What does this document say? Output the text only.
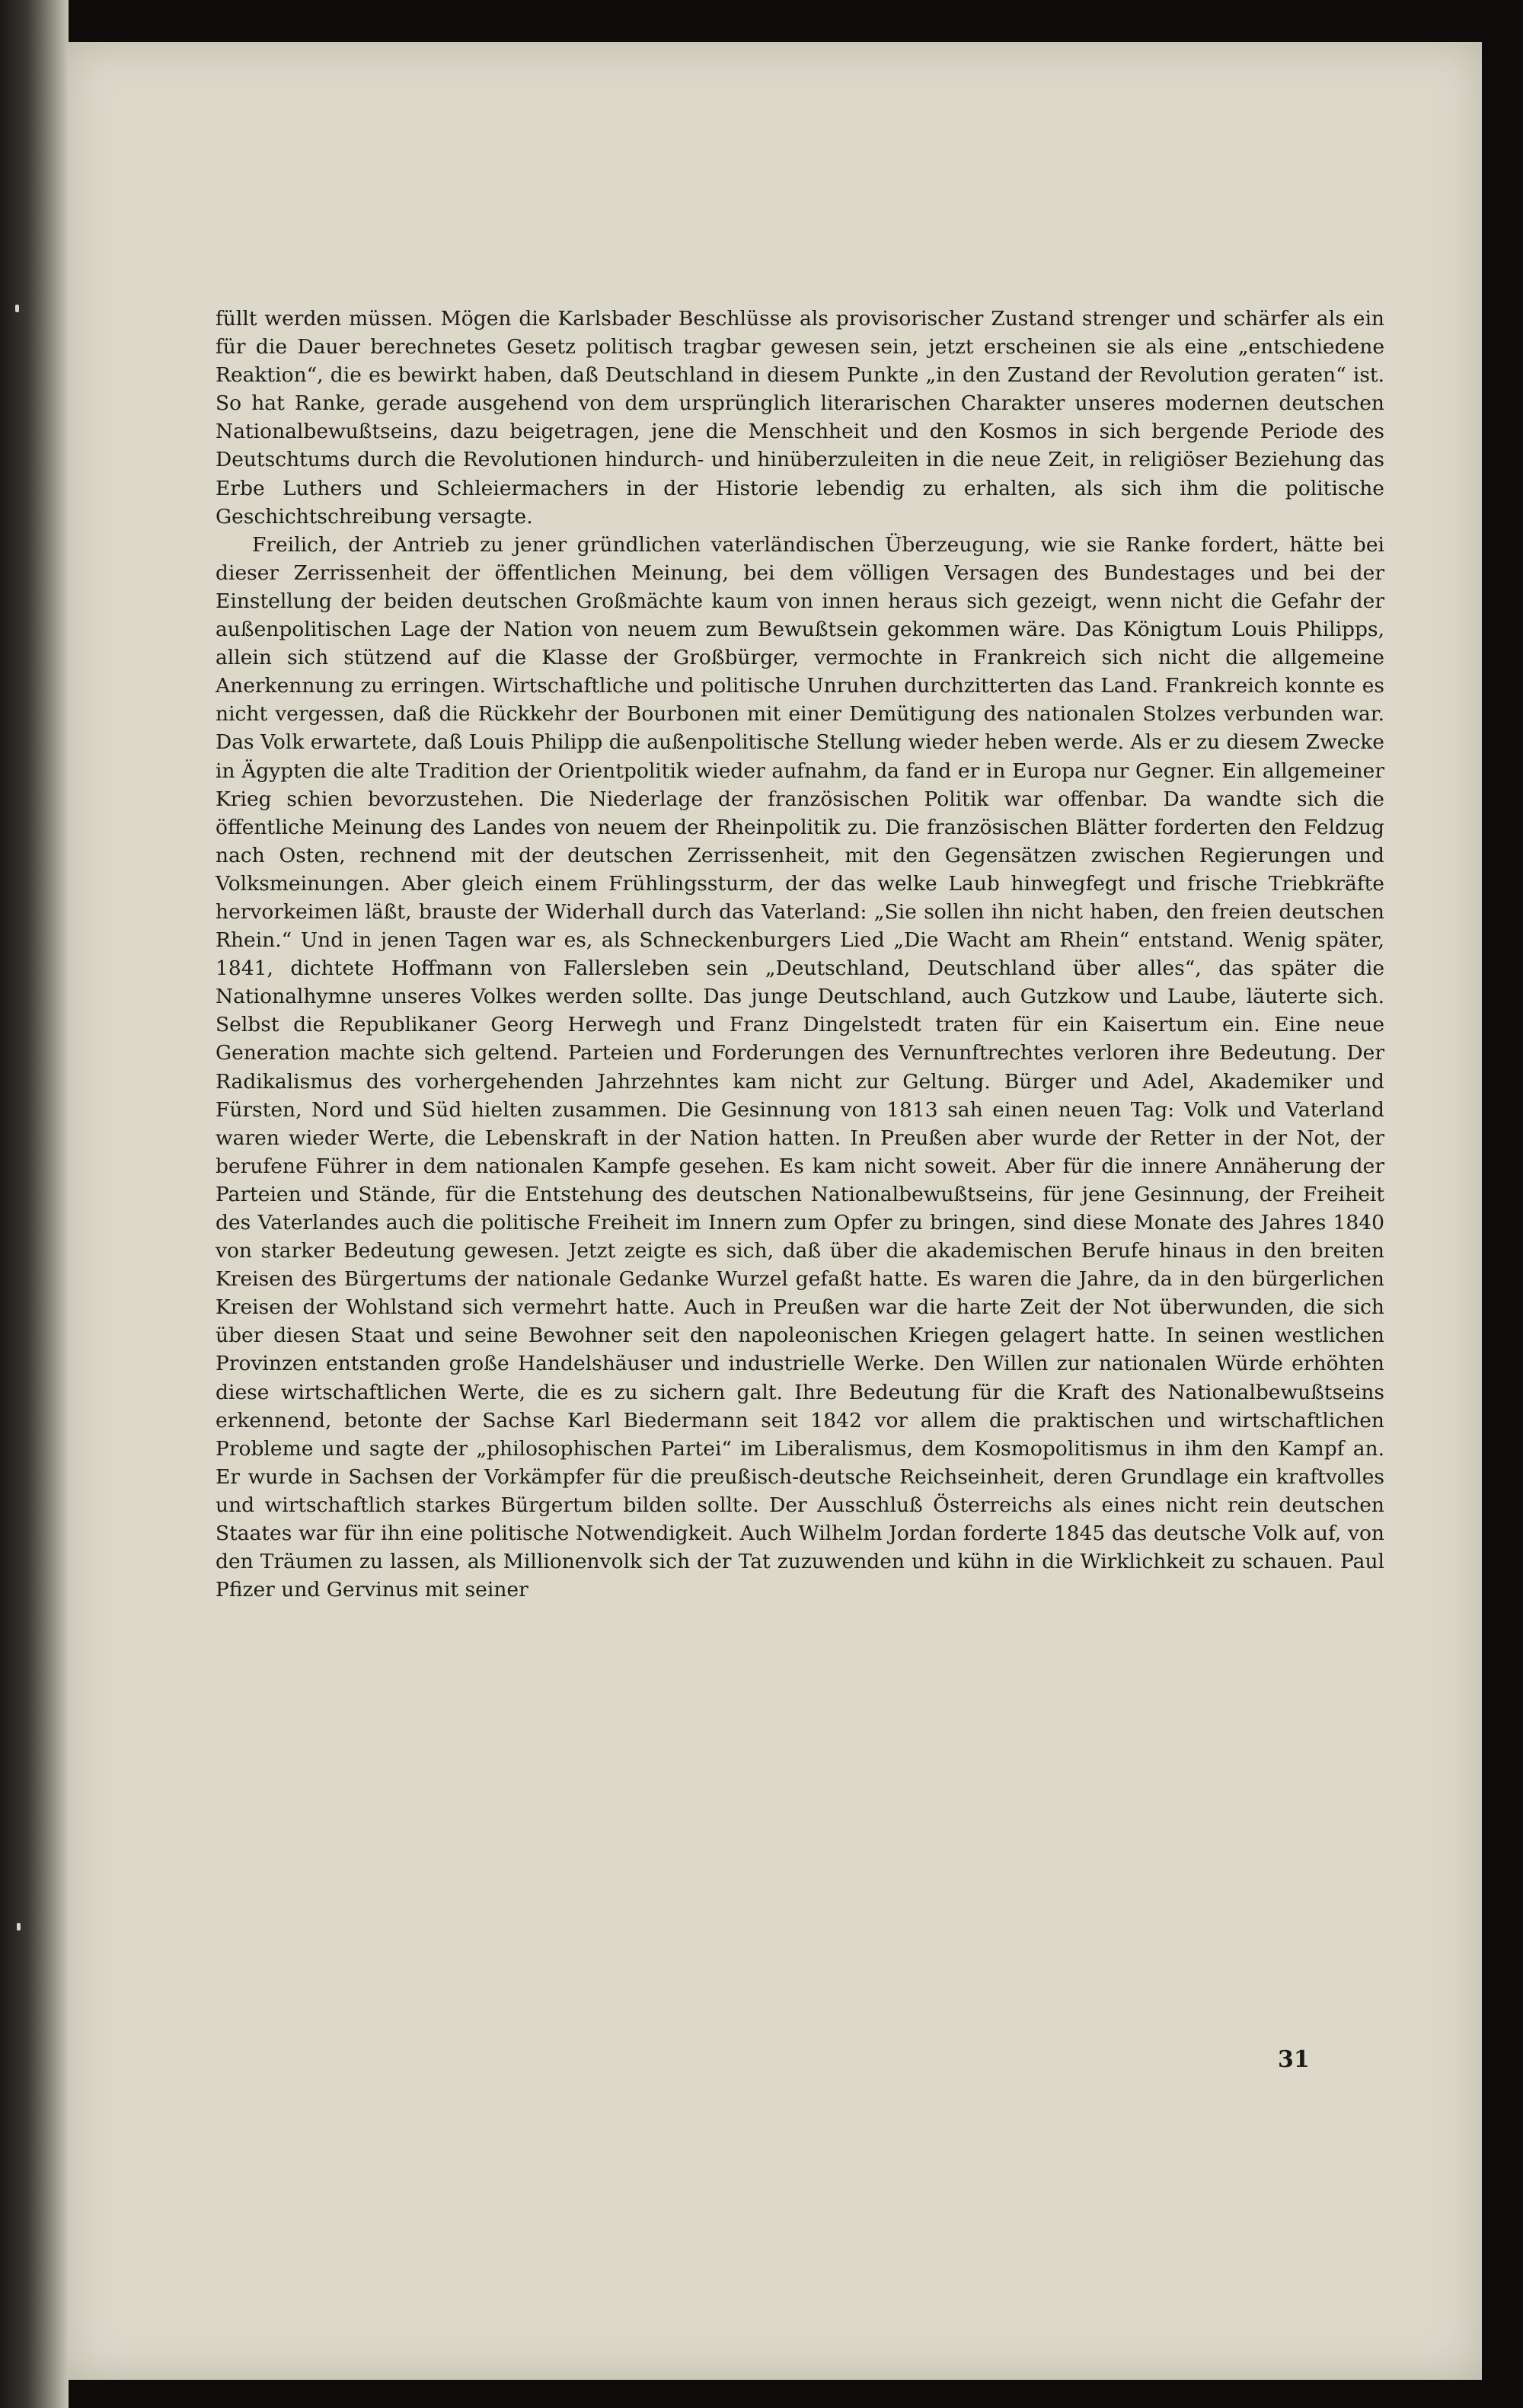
füllt werden müssen. Mögen die Karlsbader Beschlüsse als provisorischer Zustand strenger und schärfer als ein für die Dauer berechnetes Gesetz politisch tragbar gewesen sein, jetzt erscheinen sie als eine „entschiedene Reaktion“, die es bewirkt haben, daß Deutschland in diesem Punkte „in den Zustand der Revolution geraten“ ist. So hat Ranke, gerade ausgehend von dem ursprünglich literarischen Charakter unseres modernen deutschen Nationalbewußtseins, dazu beigetragen, jene die Menschheit und den Kosmos in sich bergende Periode des Deutschtums durch die Revolutionen hindurch- und hinüberzuleiten in die neue Zeit, in religiöser Beziehung das Erbe Luthers und Schleiermachers in der Historie lebendig zu erhalten, als sich ihm die politische Geschichtschreibung versagte.

Freilich, der Antrieb zu jener gründlichen vaterländischen Überzeugung, wie sie Ranke fordert, hätte bei dieser Zerrissenheit der öffentlichen Meinung, bei dem völligen Versagen des Bundestages und bei der Einstellung der beiden deutschen Großmächte kaum von innen heraus sich gezeigt, wenn nicht die Gefahr der außenpolitischen Lage der Nation von neuem zum Bewußtsein gekommen wäre. Das Königtum Louis Philipps, allein sich stützend auf die Klasse der Großbürger, vermochte in Frankreich sich nicht die allgemeine Anerkennung zu erringen. Wirtschaftliche und politische Unruhen durchzitterten das Land. Frankreich konnte es nicht vergessen, daß die Rückkehr der Bourbonen mit einer Demütigung des nationalen Stolzes verbunden war. Das Volk erwartete, daß Louis Philipp die außenpolitische Stellung wieder heben werde. Als er zu diesem Zwecke in Ägypten die alte Tradition der Orientpolitik wieder aufnahm, da fand er in Europa nur Gegner. Ein allgemeiner Krieg schien bevorzustehen. Die Niederlage der französischen Politik war offenbar. Da wandte sich die öffentliche Meinung des Landes von neuem der Rheinpolitik zu. Die französischen Blätter forderten den Feldzug nach Osten, rechnend mit der deutschen Zerrissenheit, mit den Gegensätzen zwischen Regierungen und Volksmeinungen. Aber gleich einem Frühlingssturm, der das welke Laub hinwegfegt und frische Triebkräfte hervorkeimen läßt, brauste der Widerhall durch das Vaterland: „Sie sollen ihn nicht haben, den freien deutschen Rhein.“ Und in jenen Tagen war es, als Schneckenburgers Lied „Die Wacht am Rhein“ entstand. Wenig später, 1841, dichtete Hoffmann von Fallersleben sein „Deutschland, Deutschland über alles“, das später die Nationalhymne unseres Volkes werden sollte. Das junge Deutschland, auch Gutzkow und Laube, läuterte sich. Selbst die Republikaner Georg Herwegh und Franz Dingelstedt traten für ein Kaisertum ein. Eine neue Generation machte sich geltend. Parteien und Forderungen des Vernunftrechtes verloren ihre Bedeutung. Der Radikalismus des vorhergehenden Jahrzehntes kam nicht zur Geltung. Bürger und Adel, Akademiker und Fürsten, Nord und Süd hielten zusammen. Die Gesinnung von 1813 sah einen neuen Tag: Volk und Vaterland waren wieder Werte, die Lebenskraft in der Nation hatten. In Preußen aber wurde der Retter in der Not, der berufene Führer in dem nationalen Kampfe gesehen. Es kam nicht soweit. Aber für die innere Annäherung der Parteien und Stände, für die Entstehung des deutschen Nationalbewußtseins, für jene Gesinnung, der Freiheit des Vaterlandes auch die politische Freiheit im Innern zum Opfer zu bringen, sind diese Monate des Jahres 1840 von starker Bedeutung gewesen. Jetzt zeigte es sich, daß über die akademischen Berufe hinaus in den breiten Kreisen des Bürgertums der nationale Gedanke Wurzel gefaßt hatte. Es waren die Jahre, da in den bürgerlichen Kreisen der Wohlstand sich vermehrt hatte. Auch in Preußen war die harte Zeit der Not überwunden, die sich über diesen Staat und seine Bewohner seit den napoleonischen Kriegen gelagert hatte. In seinen westlichen Provinzen entstanden große Handelshäuser und industrielle Werke. Den Willen zur nationalen Würde erhöhten diese wirtschaftlichen Werte, die es zu sichern galt. Ihre Bedeutung für die Kraft des Nationalbewußtseins erkennend, betonte der Sachse Karl Biedermann seit 1842 vor allem die praktischen und wirtschaftlichen Probleme und sagte der „philosophischen Partei“ im Liberalismus, dem Kosmopolitismus in ihm den Kampf an. Er wurde in Sachsen der Vorkämpfer für die preußisch-deutsche Reichseinheit, deren Grundlage ein kraftvolles und wirtschaftlich starkes Bürgertum bilden sollte. Der Ausschluß Österreichs als eines nicht rein deutschen Staates war für ihn eine politische Notwendigkeit. Auch Wilhelm Jordan forderte 1845 das deutsche Volk auf, von den Träumen zu lassen, als Millionenvolk sich der Tat zuzuwenden und kühn in die Wirklichkeit zu schauen. Paul Pfizer und Gervinus mit seiner

31
